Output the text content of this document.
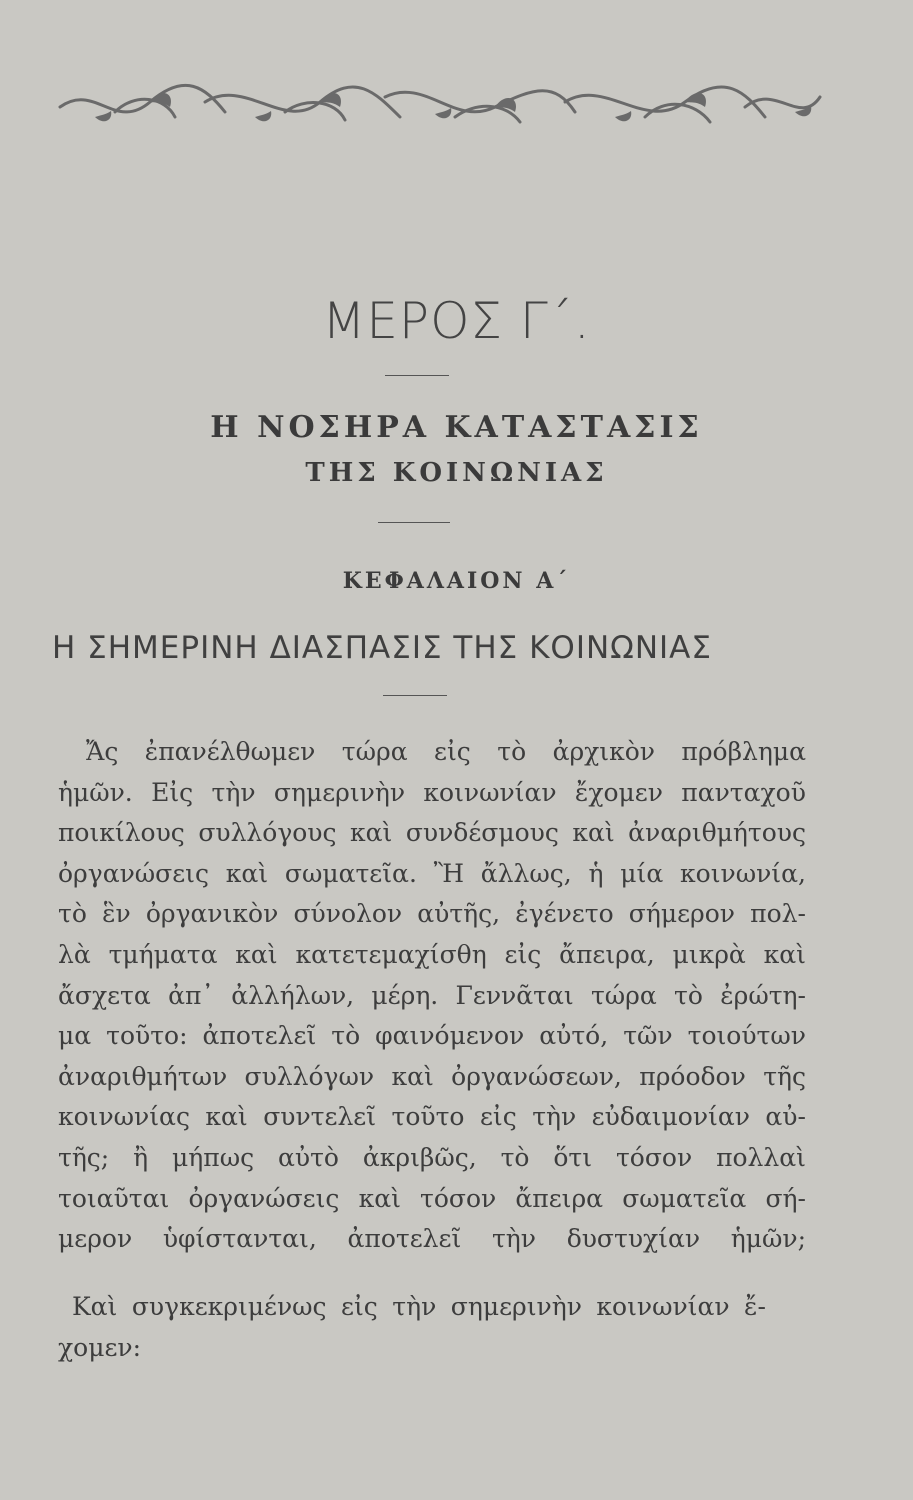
ΜΕΡΟΣ Γ΄.
Η ΝΟΣΗΡΑ ΚΑΤΑΣΤΑΣΙΣ
ΤΗΣ ΚΟΙΝΩΝΙΑΣ
ΚΕΦΑΛΑΙΟΝ Α΄
Η ΣΗΜΕΡΙΝΗ ΔΙΑΣΠΑΣΙΣ ΤΗΣ ΚΟΙΝΩΝΙΑΣ
Ἄς ἐπανέλθωμεν τώρα εἰς τὸ ἀρχικὸν πρόβλημα
ἡμῶν. Εἰς τὴν σημερινὴν κοινωνίαν ἔχομεν πανταχοῦ
ποικίλους συλλόγους καὶ συνδέσμους καὶ ἀναριθμήτους
ὀργανώσεις καὶ σωματεῖα. Ἢ ἄλλως, ἡ μία κοινωνία,
τὸ ἓν ὀργανικὸν σύνολον αὐτῆς, ἐγένετο σήμερον πολ-
λὰ τμήματα καὶ κατετεμαχίσθη εἰς ἄπειρα, μικρὰ καὶ
ἄσχετα ἀπ᾽ ἀλλήλων, μέρη. Γεννᾶται τώρα τὸ ἐρώτη-
μα τοῦτο: ἀποτελεῖ τὸ φαινόμενον αὐτό, τῶν τοιούτων
ἀναριθμήτων συλλόγων καὶ ὀργανώσεων, πρόοδον τῆς
κοινωνίας καὶ συντελεῖ τοῦτο εἰς τὴν εὐδαιμονίαν αὐ-
τῆς; ἢ μήπως αὐτὸ ἀκριβῶς, τὸ ὅτι τόσον πολλαὶ
τοιαῦται ὀργανώσεις καὶ τόσον ἄπειρα σωματεῖα σή-
μερον ὑφίστανται, ἀποτελεῖ τὴν δυστυχίαν ἡμῶν;
Καὶ συγκεκριμένως εἰς τὴν σημερινὴν κοινωνίαν ἔ-
χομεν:
